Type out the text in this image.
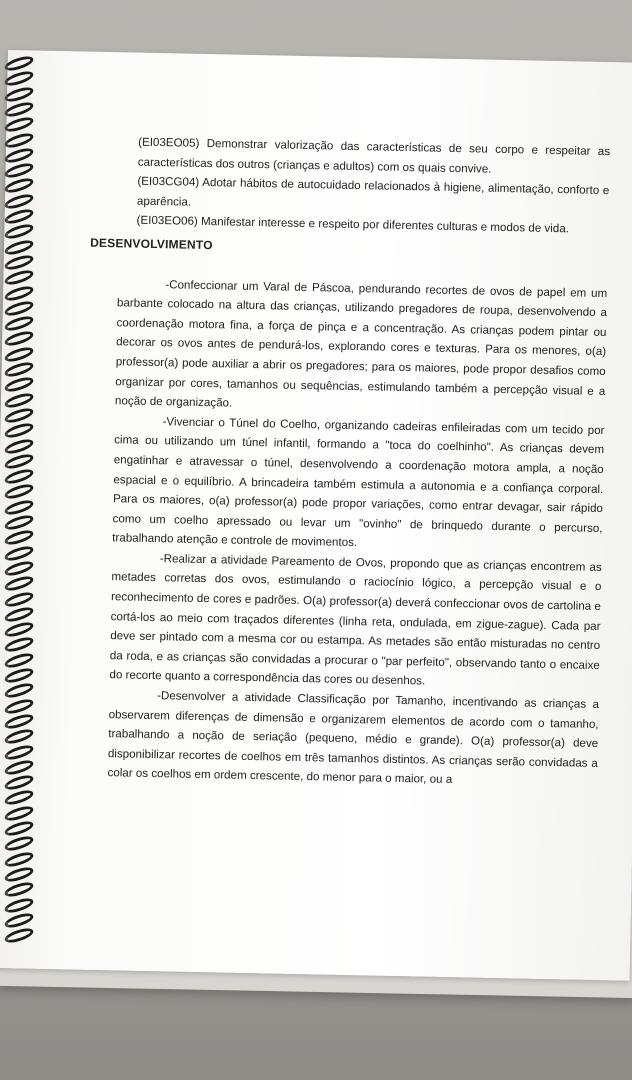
(EI03EO05) Demonstrar valorização das características de seu corpo e respeitar as características dos outros (crianças e adultos) com os quais convive.

(EI03CG04) Adotar hábitos de autocuidado relacionados à higiene, alimentação, conforto e aparência.

(EI03EO06) Manifestar interesse e respeito por diferentes culturas e modos de vida.

DESENVOLVIMENTO

-Confeccionar um Varal de Páscoa, pendurando recortes de ovos de papel em um barbante colocado na altura das crianças, utilizando pregadores de roupa, desenvolvendo a coordenação motora fina, a força de pinça e a concentração. As crianças podem pintar ou decorar os ovos antes de pendurá-los, explorando cores e texturas. Para os menores, o(a) professor(a) pode auxiliar a abrir os pregadores; para os maiores, pode propor desafios como organizar por cores, tamanhos ou sequências, estimulando também a percepção visual e a noção de organização.

-Vivenciar o Túnel do Coelho, organizando cadeiras enfileiradas com um tecido por cima ou utilizando um túnel infantil, formando a "toca do coelhinho". As crianças devem engatinhar e atravessar o túnel, desenvolvendo a coordenação motora ampla, a noção espacial e o equilíbrio. A brincadeira também estimula a autonomia e a confiança corporal. Para os maiores, o(a) professor(a) pode propor variações, como entrar devagar, sair rápido como um coelho apressado ou levar um "ovinho" de brinquedo durante o percurso, trabalhando atenção e controle de movimentos.

-Realizar a atividade Pareamento de Ovos, propondo que as crianças encontrem as metades corretas dos ovos, estimulando o raciocínio lógico, a percepção visual e o reconhecimento de cores e padrões. O(a) professor(a) deverá confeccionar ovos de cartolina e cortá-los ao meio com traçados diferentes (linha reta, ondulada, em zigue-zague). Cada par deve ser pintado com a mesma cor ou estampa. As metades são então misturadas no centro da roda, e as crianças são convidadas a procurar o "par perfeito", observando tanto o encaixe do recorte quanto a correspondência das cores ou desenhos.

-Desenvolver a atividade Classificação por Tamanho, incentivando as crianças a observarem diferenças de dimensão e organizarem elementos de acordo com o tamanho, trabalhando a noção de seriação (pequeno, médio e grande). O(a) professor(a) deve disponibilizar recortes de coelhos em três tamanhos distintos. As crianças serão convidadas a colar os coelhos em ordem crescente, do menor para o maior, ou a
